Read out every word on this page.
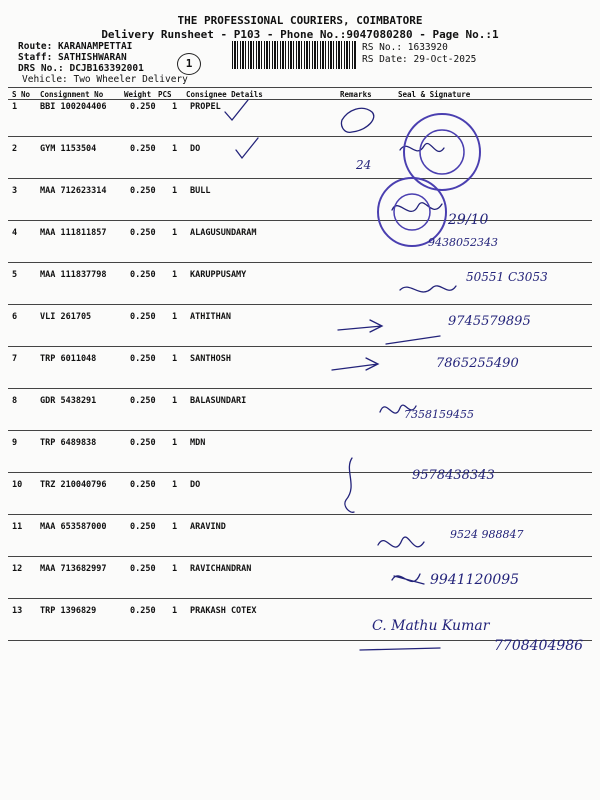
THE PROFESSIONAL COURIERS, COIMBATORE
Delivery Runsheet - P103 - Phone No.:9047080280 - Page No.:1
Route: KARANAMPETTAI
Staff: SATHISHWARAN
DRS No.: DCJB163392001
Vehicle: Two Wheeler Delivery
1
RS No.: 1633920
RS Date: 29-Oct-2025
S No Consignment No	Weight PCS Consignee Details	Remarks	Seal & Signature
1	BBI 100204406	0.250 1 PROPEL
2	GYM 1153504	0.250 1 DO
3	MAA 712623314	0.250 1 BULL
4	MAA 111811857	0.250 1 ALAGUSUNDARAM
5	MAA 111837798	0.250 1 KARUPPUSAMY
6	VLI 261705	0.250 1 ATHITHAN
7	TRP 6011048	0.250 1 SANTHOSH
8	GDR 5438291	0.250 1 BALASUNDARI
9	TRP 6489838	0.250 1 MDN
10 TRZ 210040796	0.250 1 DO
11 MAA 653587000	0.250 1 ARAVIND
12 MAA 713682997	0.250 1 RAVICHANDRAN
13 TRP 1396829	0.250 1 PRAKASH COTEX
24
29/10
9438052343
50551 C3053
9745579895
7865255490
7358159455
9578438343
9524 988847
9941120095
C. Mathu Kumar
7708404986
